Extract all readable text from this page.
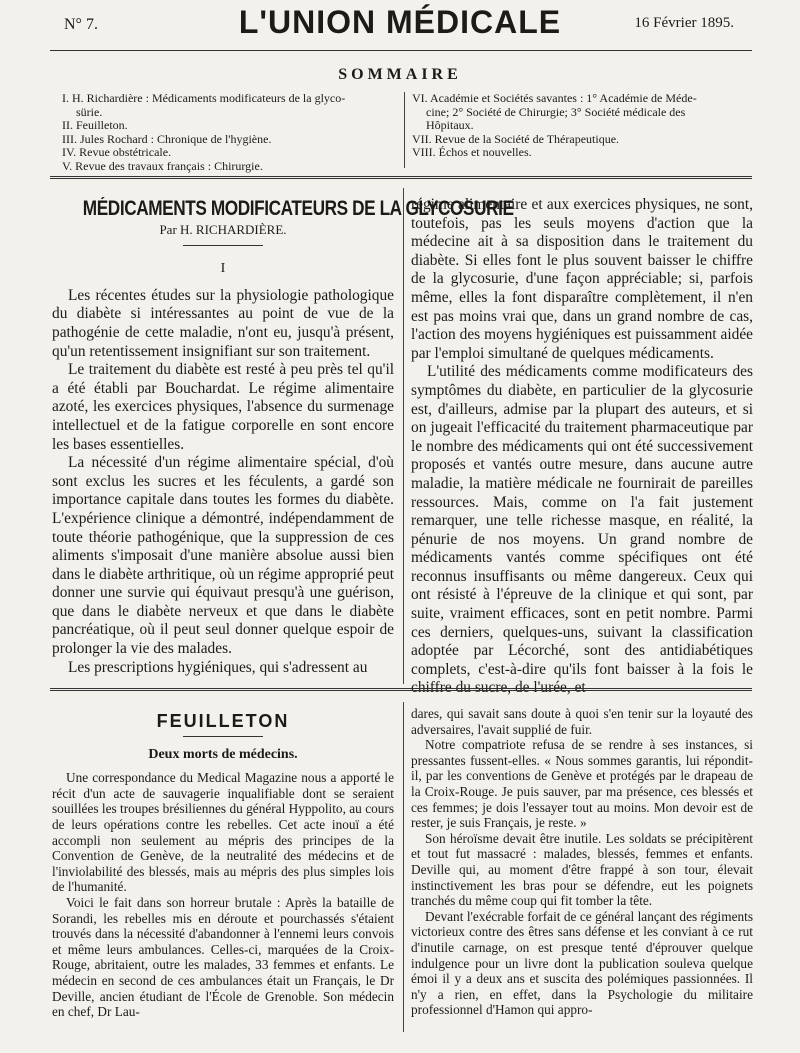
N° 7.	L'UNION MÉDICALE	16 Février 1895.
SOMMAIRE
I. H. Richardière : Médicaments modificateurs de la glyco-
sürie.
II. Feuilleton.
III. Jules Rochard : Chronique de l'hygiène.
IV. Revue obstétricale.
V. Revue des travaux français : Chirurgie.
VI. Académie et Sociétés savantes : 1° Académie de Méde-
cine; 2° Société de Chirurgie; 3° Société médicale des
Hôpitaux.
VII. Revue de la Société de Thérapeutique.
VIII. Échos et nouvelles.
MÉDICAMENTS MODIFICATEURS DE LA GLYCOSURIE
Par H. RICHARDIÈRE.
I

Les récentes études sur la physiologie pathologique du diabète si intéressantes au point de vue de la pathogénie de cette maladie, n'ont eu, jusqu'à présent, qu'un retentissement insignifiant sur son traitement.

Le traitement du diabète est resté à peu près tel qu'il a été établi par Bouchardat. Le régime alimentaire azoté, les exercices physiques, l'absence du surmenage intellectuel et de la fatigue corporelle en sont encore les bases essentielles.

La nécessité d'un régime alimentaire spécial, d'où sont exclus les sucres et les féculents, a gardé son importance capitale dans toutes les formes du diabète. L'expérience clinique a démontré, indépendamment de toute théorie pathogénique, que la suppression de ces aliments s'imposait d'une manière absolue aussi bien dans le diabète arthritique, où un régime approprié peut donner une survie qui équivaut presqu'à une guérison, que dans le diabète nerveux et que dans le diabète pancréatique, où il peut seul donner quelque espoir de prolonger la vie des malades.

Les prescriptions hygiéniques, qui s'adressent au

régime alimentaire et aux exercices physiques, ne sont, toutefois, pas les seuls moyens d'action que la médecine ait à sa disposition dans le traitement du diabète. Si elles font le plus souvent baisser le chiffre de la glycosurie, d'une façon appréciable; si, parfois même, elles la font disparaître complètement, il n'en est pas moins vrai que, dans un grand nombre de cas, l'action des moyens hygiéniques est puissamment aidée par l'emploi simultané de quelques médicaments.

L'utilité des médicaments comme modificateurs des symptômes du diabète, en particulier de la glycosurie est, d'ailleurs, admise par la plupart des auteurs, et si on jugeait l'efficacité du traitement pharmaceutique par le nombre des médicaments qui ont été successivement proposés et vantés outre mesure, dans aucune autre maladie, la matière médicale ne fournirait de pareilles ressources. Mais, comme on l'a fait justement remarquer, une telle richesse masque, en réalité, la pénurie de nos moyens. Un grand nombre de médicaments vantés comme spécifiques ont été reconnus insuffisants ou même dangereux. Ceux qui ont résisté à l'épreuve de la clinique et qui sont, par suite, vraiment efficaces, sont en petit nombre. Parmi ces derniers, quelques-uns, suivant la classification adoptée par Lécorché, sont des antidiabétiques complets, c'est-à-dire qu'ils font baisser à la fois le chiffre du sucre, de l'urée, et

FEUILLETON
Deux morts de médecins.

Une correspondance du Medical Magazine nous a apporté le récit d'un acte de sauvagerie inqualifiable dont se seraient souillées les troupes brésiliennes du général Hyppolito, au cours de leurs opérations contre les rebelles. Cet acte inouï a été accompli non seulement au mépris des principes de la Convention de Genève, de la neutralité des médecins et de l'inviolabilité des blessés, mais au mépris des plus simples lois de l'humanité.

Voici le fait dans son horreur brutale : Après la bataille de Sorandi, les rebelles mis en déroute et pourchassés s'étaient trouvés dans la nécessité d'abandonner à l'ennemi leurs convois et même leurs ambulances. Celles-ci, marquées de la Croix-Rouge, abritaient, outre les malades, 33 femmes et enfants. Le médecin en second de ces ambulances était un Français, le Dr Deville, ancien étudiant de l'École de Grenoble. Son médecin en chef, Dr Lau-

dares, qui savait sans doute à quoi s'en tenir sur la loyauté des adversaires, l'avait supplié de fuir.

Notre compatriote refusa de se rendre à ses instances, si pressantes fussent-elles. « Nous sommes garantis, lui répondit-il, par les conventions de Genève et protégés par le drapeau de la Croix-Rouge. Je puis sauver, par ma présence, ces blessés et ces femmes; je dois l'essayer tout au moins. Mon devoir est de rester, je suis Français, je reste. »

Son héroïsme devait être inutile. Les soldats se précipitèrent et tout fut massacré : malades, blessés, femmes et enfants. Deville qui, au moment d'être frappé à son tour, élevait instinctivement les bras pour se défendre, eut les poignets tranchés du même coup qui fit tomber la tête.

Devant l'exécrable forfait de ce général lançant des régiments victorieux contre des êtres sans défense et les conviant à ce rut d'inutile carnage, on est presque tenté d'éprouver quelque indulgence pour un livre dont la publication souleva quelque émoi il y a deux ans et suscita des polémiques passionnées. Il n'y a rien, en effet, dans la Psychologie du militaire professionnel d'Hamon qui appro-
